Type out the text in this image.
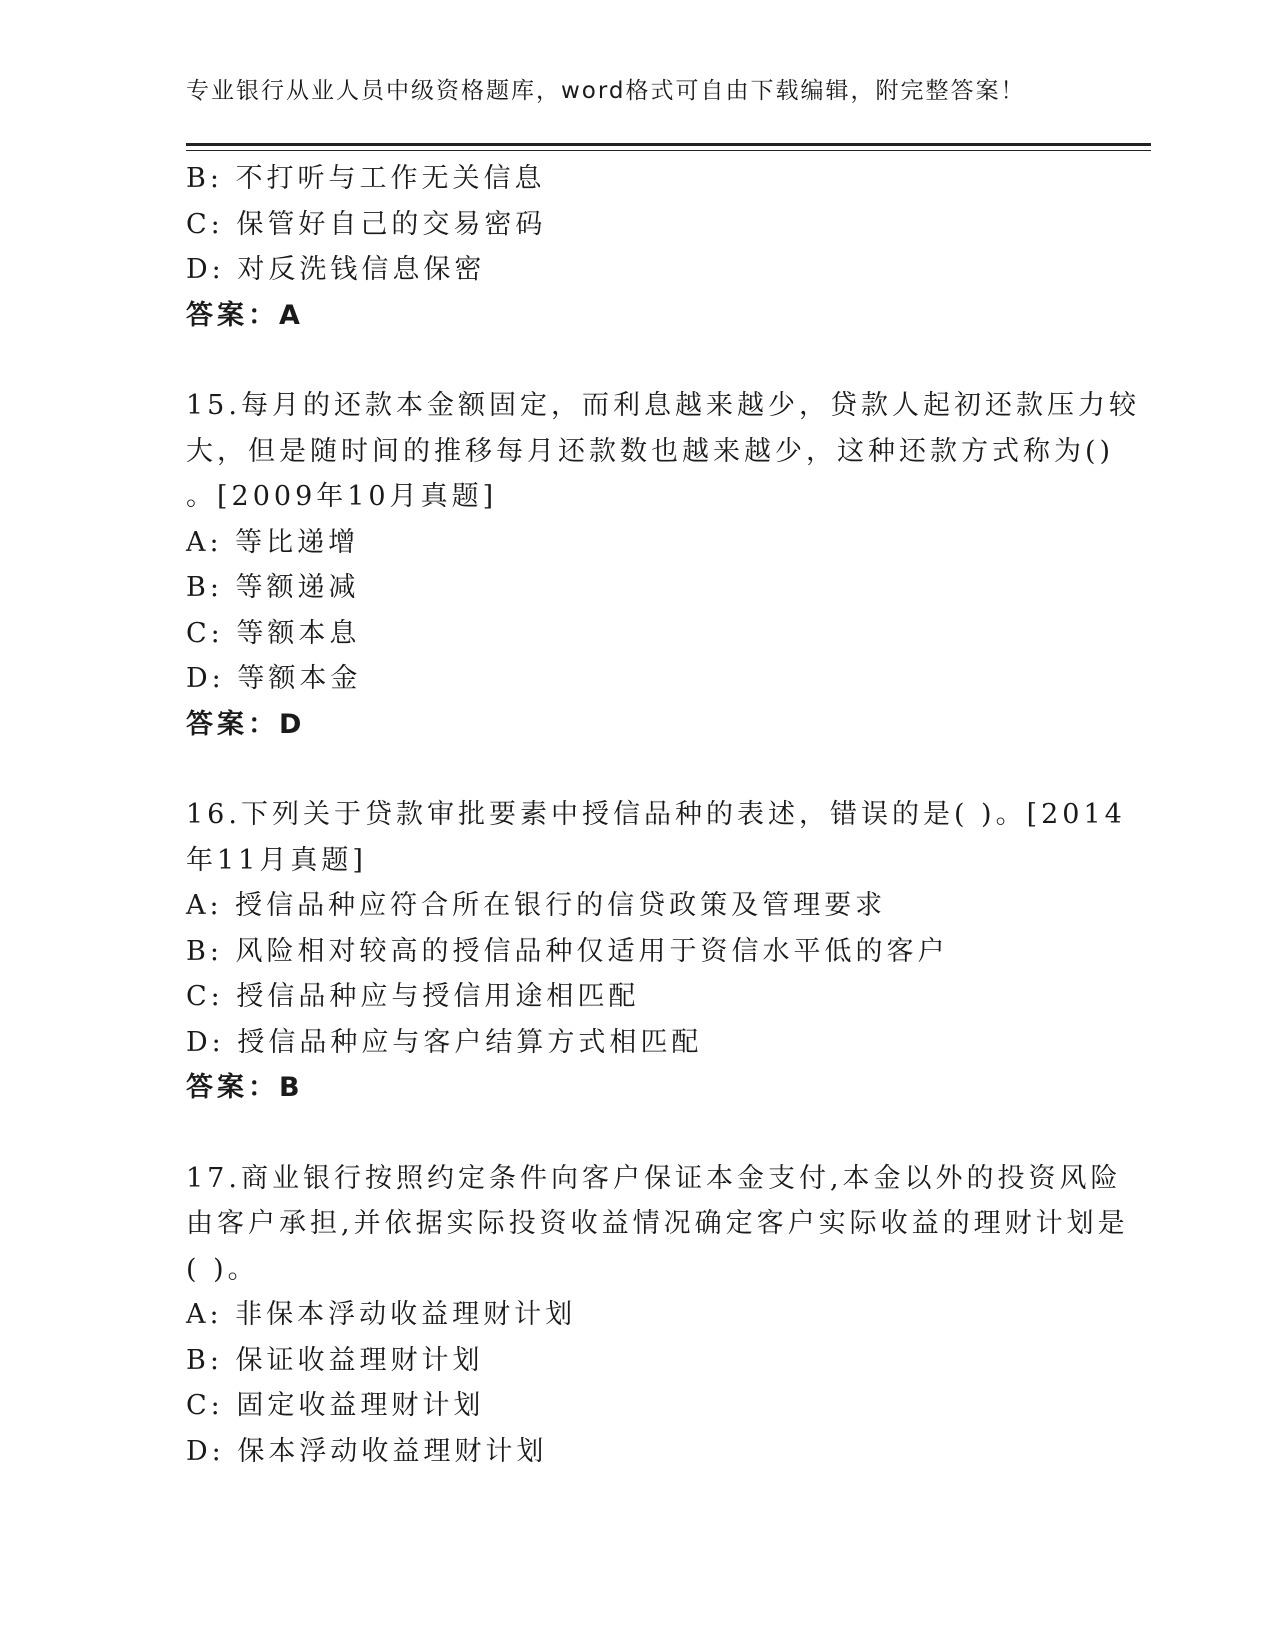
专业银行从业人员中级资格题库，word格式可自由下载编辑，附完整答案！
B: 不打听与工作无关信息
C: 保管好自己的交易密码
D: 对反洗钱信息保密
答案：A
15.每月的还款本金额固定，而利息越来越少，贷款人起初还款压力较
大，但是随时间的推移每月还款数也越来越少，这种还款方式称为()
。[2009年10月真题]
A: 等比递增
B: 等额递减
C: 等额本息
D: 等额本金
答案：D
16.下列关于贷款审批要素中授信品种的表述，错误的是( )。[2014
年11月真题]
A: 授信品种应符合所在银行的信贷政策及管理要求
B: 风险相对较高的授信品种仅适用于资信水平低的客户
C: 授信品种应与授信用途相匹配
D: 授信品种应与客户结算方式相匹配
答案：B
17.商业银行按照约定条件向客户保证本金支付,本金以外的投资风险
由客户承担,并依据实际投资收益情况确定客户实际收益的理财计划是
( )。
A: 非保本浮动收益理财计划
B: 保证收益理财计划
C: 固定收益理财计划
D: 保本浮动收益理财计划
